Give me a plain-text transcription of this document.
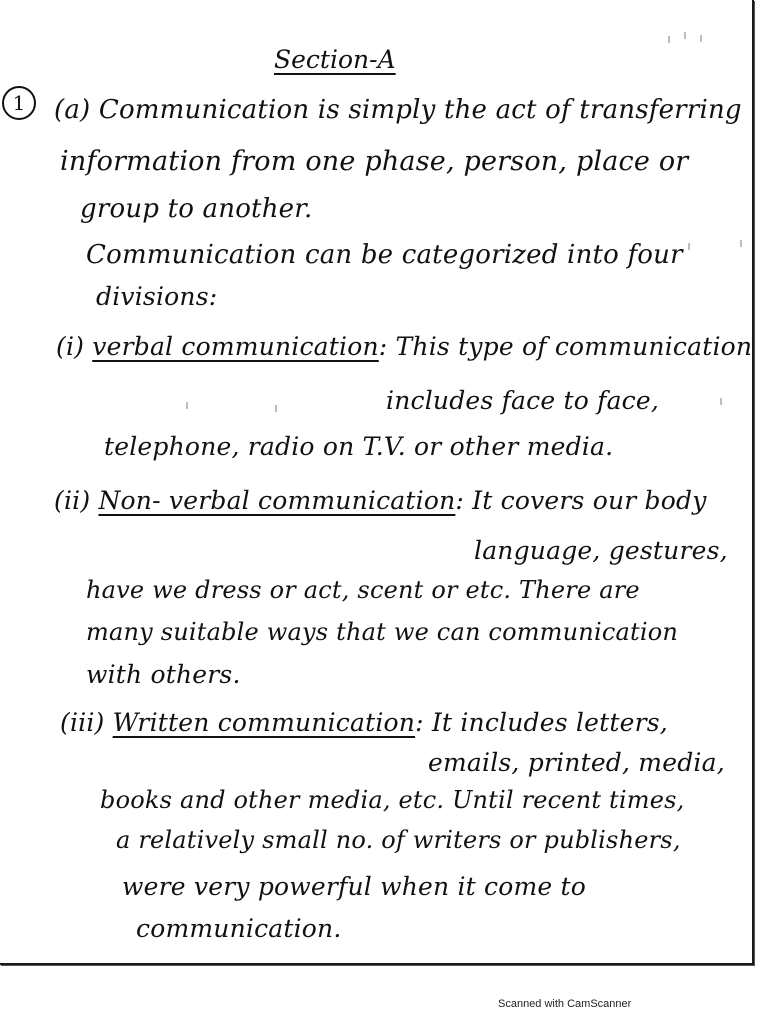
Section-A
1	(a) Communication is simply the act of transferring
information from one phase, person, place or
group to another.
Communication can be categorized into four
divisions:
(i) verbal communication: This type of communication
includes face to face,
telephone, radio on T.V. or other media.
(ii) Non- verbal communication: It covers our body
language, gestures,
have we dress or act, scent or etc. There are
many suitable ways that we can communication
with others.
(iii) Written communication: It includes letters,
emails, printed, media,
books and other media, etc. Until recent times,
a relatively small no. of writers or publishers,
were very powerful when it come to
communication.
Scanned with CamScanner
